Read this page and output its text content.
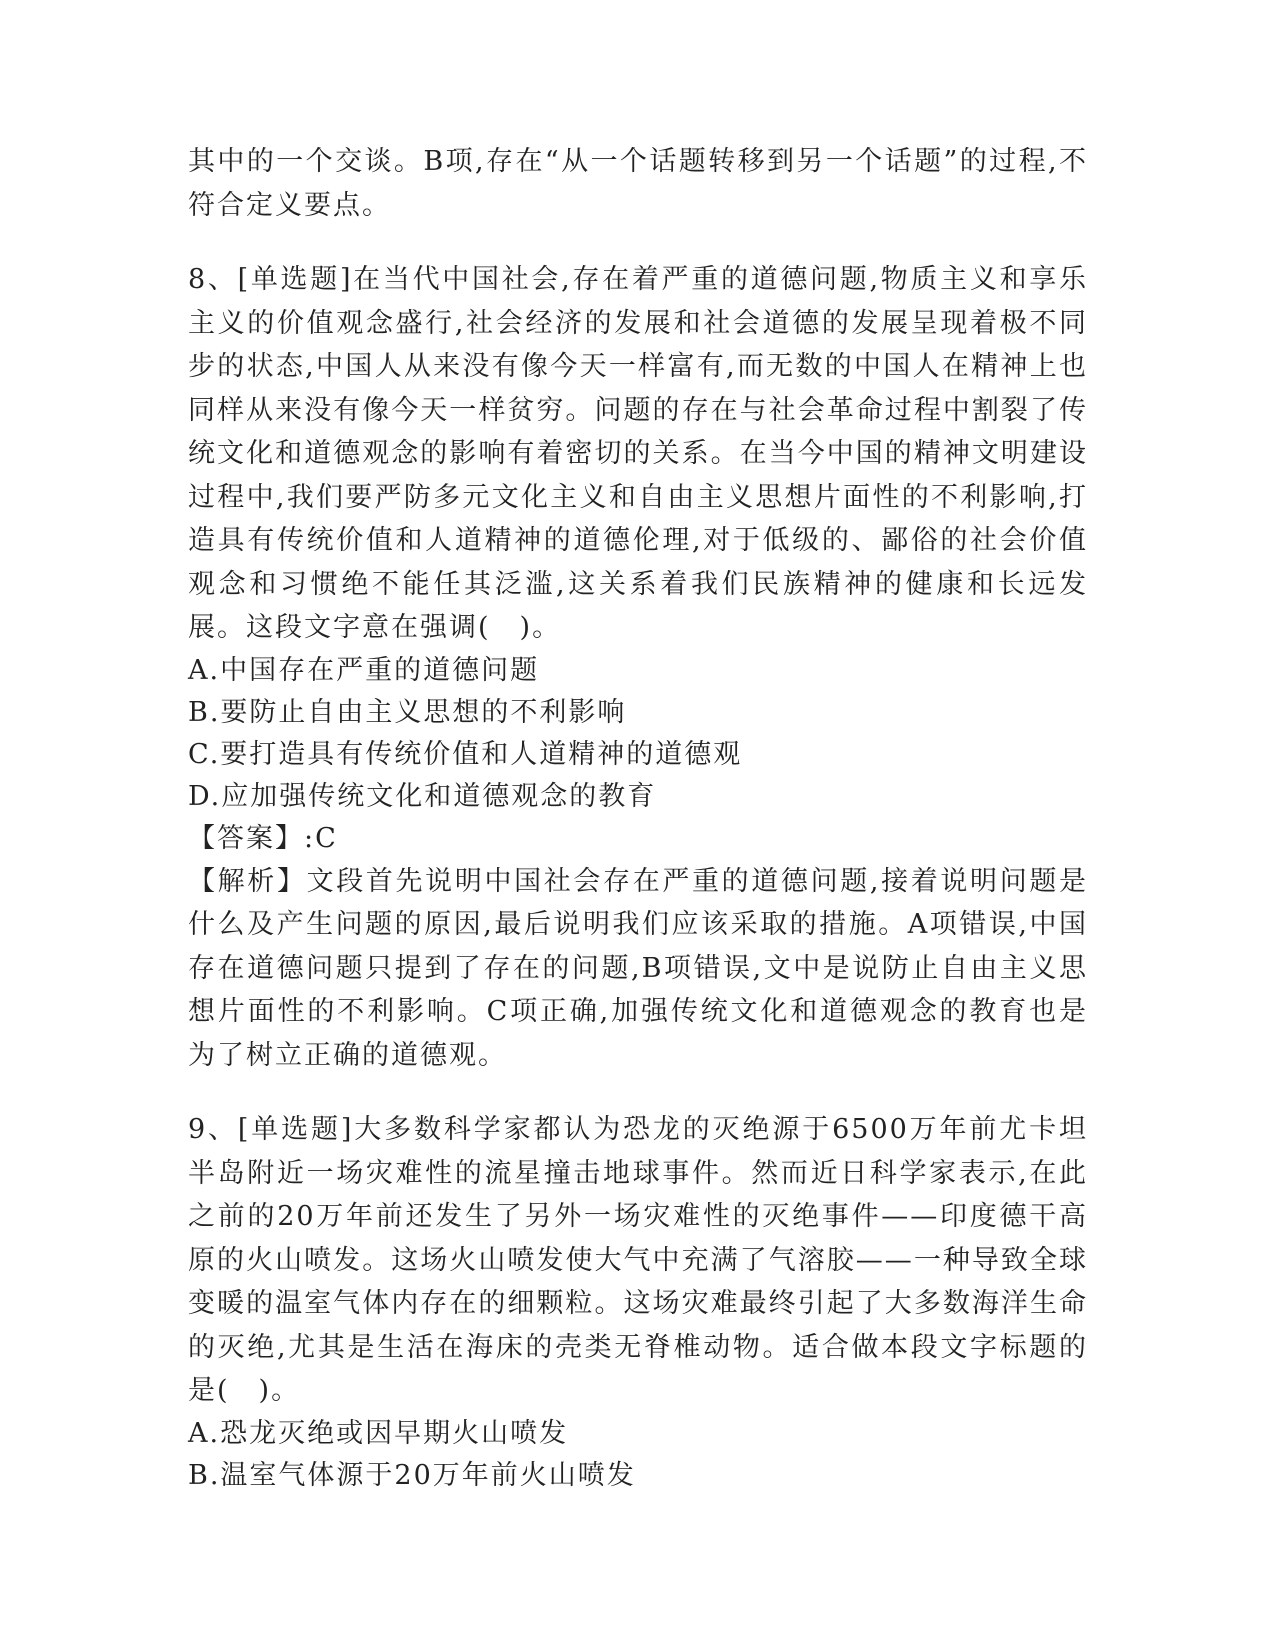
其中的一个交谈。B项,存在“从一个话题转移到另一个话题”的过程,不符合定义要点。

8、[单选题]在当代中国社会,存在着严重的道德问题,物质主义和享乐主义的价值观念盛行,社会经济的发展和社会道德的发展呈现着极不同步的状态,中国人从来没有像今天一样富有,而无数的中国人在精神上也同样从来没有像今天一样贫穷。问题的存在与社会革命过程中割裂了传统文化和道德观念的影响有着密切的关系。在当今中国的精神文明建设过程中,我们要严防多元文化主义和自由主义思想片面性的不利影响,打造具有传统价值和人道精神的道德伦理,对于低级的、鄙俗的社会价值观念和习惯绝不能任其泛滥,这关系着我们民族精神的健康和长远发展。这段文字意在强调(　)。

A.中国存在严重的道德问题

B.要防止自由主义思想的不利影响

C.要打造具有传统价值和人道精神的道德观

D.应加强传统文化和道德观念的教育

【答案】:C

【解析】文段首先说明中国社会存在严重的道德问题,接着说明问题是什么及产生问题的原因,最后说明我们应该采取的措施。A项错误,中国存在道德问题只提到了存在的问题,B项错误,文中是说防止自由主义思想片面性的不利影响。C项正确,加强传统文化和道德观念的教育也是为了树立正确的道德观。

9、[单选题]大多数科学家都认为恐龙的灭绝源于6500万年前尤卡坦半岛附近一场灾难性的流星撞击地球事件。然而近日科学家表示,在此之前的20万年前还发生了另外一场灾难性的灭绝事件——印度德干高原的火山喷发。这场火山喷发使大气中充满了气溶胶——一种导致全球变暖的温室气体内存在的细颗粒。这场灾难最终引起了大多数海洋生命的灭绝,尤其是生活在海床的壳类无脊椎动物。适合做本段文字标题的是(　)。

A.恐龙灭绝或因早期火山喷发

B.温室气体源于20万年前火山喷发
